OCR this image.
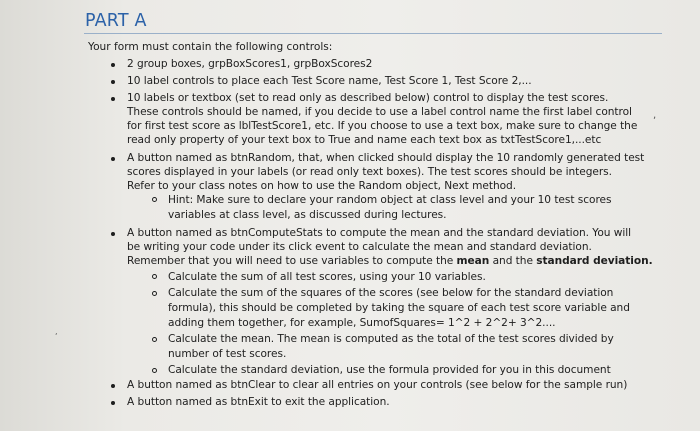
PART A
Your form must contain the following controls:
2 group boxes, grpBoxScores1, grpBoxScores2
10 label controls to place each Test Score name, Test Score 1, Test Score 2,...
10 labels or textbox (set to read only as described below) control to display the test scores.
These controls should be named, if you decide to use a label control name the first label control
for first test score as lblTestScore1, etc. If you choose to use a text box, make sure to change the
read only property of your text box to True and name each text box as txtTestScore1,...etc
,
A button named as btnRandom, that, when clicked should display the 10 randomly generated test
scores displayed in your labels (or read only text boxes). The test scores should be integers.
Refer to your class notes on how to use the Random object, Next method.
Hint: Make sure to declare your random object at class level and your 10 test scores
variables at class level, as discussed during lectures.
A button named as btnComputeStats to compute the mean and the standard deviation. You will
be writing your code under its click event to calculate the mean and standard deviation.
Remember that you will need to use variables to compute the mean and the standard deviation.
Calculate the sum of all test scores, using your 10 variables.
Calculate the sum of the squares of the scores (see below for the standard deviation
formula), this should be completed by taking the square of each test score variable and
adding them together, for example, SumofSquares= 1^2 + 2^2+ 3^2....
Calculate the mean. The mean is computed as the total of the test scores divided by
number of test scores.
Calculate the standard deviation, use the formula provided for you in this document
A button named as btnClear to clear all entries on your controls (see below for the sample run)
A button named as btnExit to exit the application.
,
